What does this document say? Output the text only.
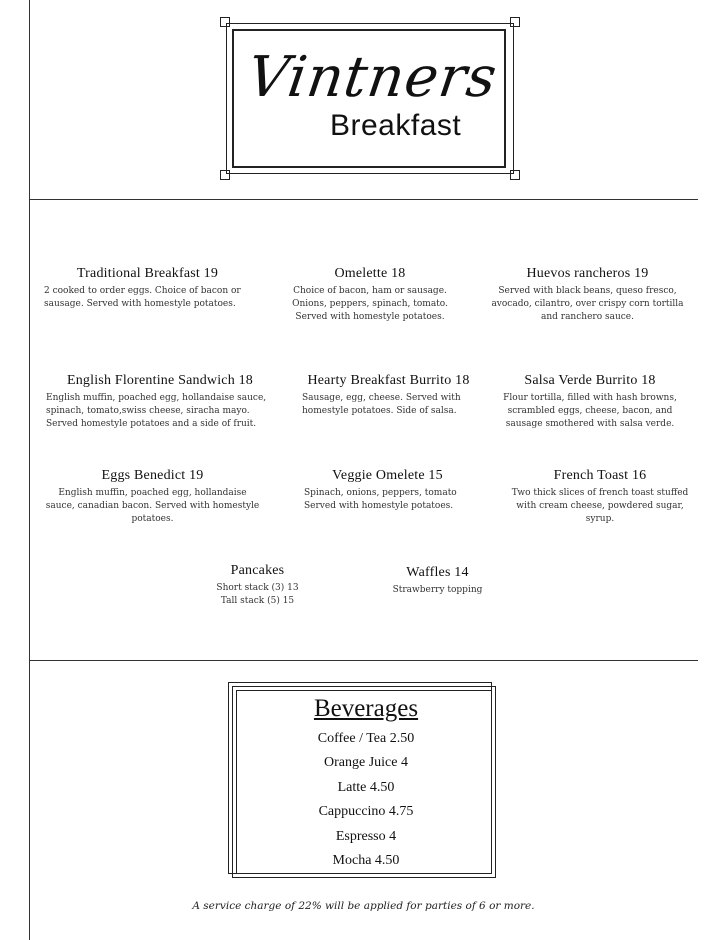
Vintners
Breakfast
Traditional Breakfast 19
2 cooked to order eggs. Choice of bacon or sausage. Served with homestyle potatoes.
Omelette 18
Choice of bacon, ham or sausage. Onions, peppers, spinach, tomato. Served with homestyle potatoes.
Huevos rancheros 19
Served with black beans, queso fresco, avocado, cilantro, over crispy corn tortilla and ranchero sauce.
English Florentine Sandwich 18
English muffin, poached egg, hollandaise sauce, spinach, tomato,swiss cheese, siracha mayo. Served homestyle potatoes and a side of fruit.
Hearty Breakfast Burrito 18
Sausage, egg, cheese. Served with homestyle potatoes. Side of salsa.
Salsa Verde Burrito 18
Flour tortilla, filled with hash browns, scrambled eggs, cheese, bacon, and sausage smothered with salsa verde.
Eggs Benedict 19
English muffin, poached egg, hollandaise sauce, canadian bacon. Served with homestyle potatoes.
Veggie Omelete 15
Spinach, onions, peppers, tomato Served with homestyle potatoes.
French Toast 16
Two thick slices of french toast stuffed with cream cheese, powdered sugar, syrup.
Pancakes
Short stack (3) 13
Tall stack (5) 15
Waffles 14
Strawberry topping
Beverages
Coffee / Tea 2.50
Orange Juice 4
Latte 4.50
Cappuccino 4.75
Espresso 4
Mocha 4.50
A service charge of 22% will be applied for parties of 6 or more.
